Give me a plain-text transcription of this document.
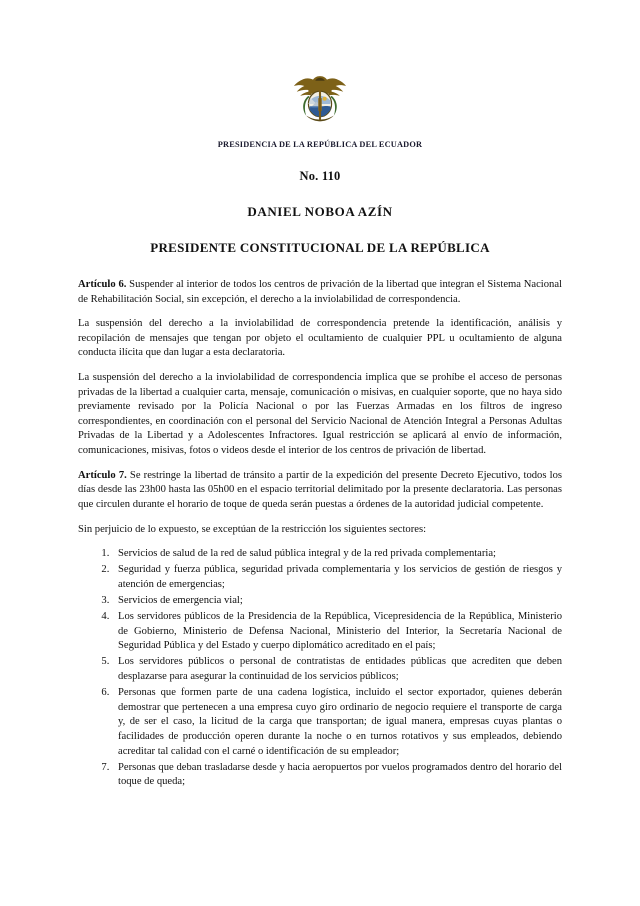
PRESIDENCIA DE LA REPÚBLICA DEL ECUADOR
No. 110
DANIEL NOBOA AZÍN
PRESIDENTE CONSTITUCIONAL DE LA REPÚBLICA

Artículo 6. Suspender al interior de todos los centros de privación de la libertad que integran el Sistema Nacional de Rehabilitación Social, sin excepción, el derecho a la inviolabilidad de correspondencia.

La suspensión del derecho a la inviolabilidad de correspondencia pretende la identificación, análisis y recopilación de mensajes que tengan por objeto el ocultamiento de cualquier PPL u ocultamiento de alguna conducta ilícita que dan lugar a esta declaratoria.

La suspensión del derecho a la inviolabilidad de correspondencia implica que se prohíbe el acceso de personas privadas de la libertad a cualquier carta, mensaje, comunicación o misivas, en cualquier soporte, que no haya sido previamente revisado por la Policía Nacional o por las Fuerzas Armadas en los filtros de ingreso correspondientes, en coordinación con el personal del Servicio Nacional de Atención Integral a Personas Adultas Privadas de la Libertad y a Adolescentes Infractores. Igual restricción se aplicará al envío de información, comunicaciones, misivas, fotos o videos desde el interior de los centros de privación de libertad.

Artículo 7. Se restringe la libertad de tránsito a partir de la expedición del presente Decreto Ejecutivo, todos los días desde las 23h00 hasta las 05h00 en el espacio territorial delimitado por la presente declaratoria. Las personas que circulen durante el horario de toque de queda serán puestas a órdenes de la autoridad judicial competente.

Sin perjuicio de lo expuesto, se exceptúan de la restricción los siguientes sectores:

1. Servicios de salud de la red de salud pública integral y de la red privada complementaria;
2. Seguridad y fuerza pública, seguridad privada complementaria y los servicios de gestión de riesgos y atención de emergencias;
3. Servicios de emergencia vial;
4. Los servidores públicos de la Presidencia de la República, Vicepresidencia de la República, Ministerio de Gobierno, Ministerio de Defensa Nacional, Ministerio del Interior, la Secretaría Nacional de Seguridad Pública y del Estado y cuerpo diplomático acreditado en el país;
5. Los servidores públicos o personal de contratistas de entidades públicas que acrediten que deben desplazarse para asegurar la continuidad de los servicios públicos;
6. Personas que formen parte de una cadena logística, incluido el sector exportador, quienes deberán demostrar que pertenecen a una empresa cuyo giro ordinario de negocio requiere el transporte de carga y, de ser el caso, la licitud de la carga que transportan; de igual manera, empresas cuyas plantas o facilidades de producción operen durante la noche o en turnos rotativos y sus empleados, debiendo acreditar tal calidad con el carné o identificación de su empleador;
7. Personas que deban trasladarse desde y hacia aeropuertos por vuelos programados dentro del horario del toque de queda;
